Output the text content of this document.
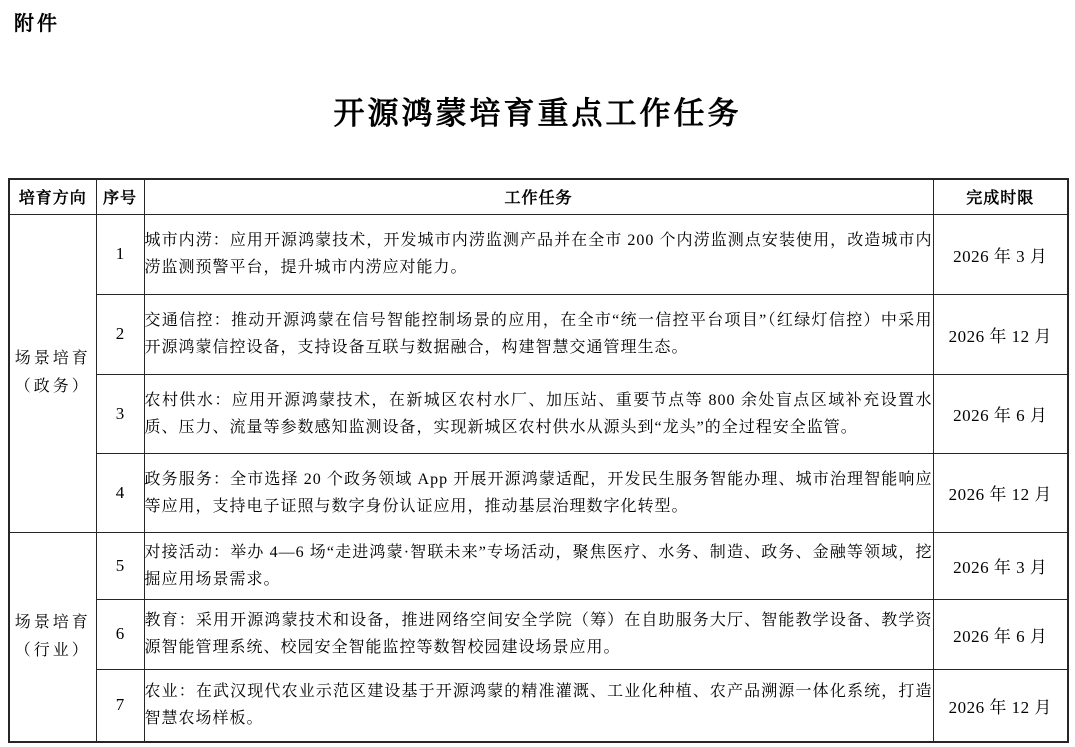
附件
开源鸿蒙培育重点工作任务
培育方向	序号	工作任务	完成时限
场景培育
（政务）	1	城市内涝：应用开源鸿蒙技术，开发城市内涝监测产品并在全市 200 个内涝监测点安装使用，改造城市内涝监测预警平台，提升城市内涝应对能力。	2026 年 3 月
	2	交通信控：推动开源鸿蒙在信号智能控制场景的应用，在全市“统一信控平台项目”（红绿灯信控）中采用开源鸿蒙信控设备，支持设备互联与数据融合，构建智慧交通管理生态。	2026 年 12 月
	3	农村供水：应用开源鸿蒙技术，在新城区农村水厂、加压站、重要节点等 800 余处盲点区域补充设置水质、压力、流量等参数感知监测设备，实现新城区农村供水从源头到“龙头”的全过程安全监管。	2026 年 6 月
	4	政务服务：全市选择 20 个政务领域 App 开展开源鸿蒙适配，开发民生服务智能办理、城市治理智能响应等应用，支持电子证照与数字身份认证应用，推动基层治理数字化转型。	2026 年 12 月
场景培育
（行业）	5	对接活动：举办 4—6 场“走进鸿蒙·智联未来”专场活动，聚焦医疗、水务、制造、政务、金融等领域，挖掘应用场景需求。	2026 年 3 月
	6	教育：采用开源鸿蒙技术和设备，推进网络空间安全学院（筹）在自助服务大厅、智能教学设备、教学资源智能管理系统、校园安全智能监控等数智校园建设场景应用。	2026 年 6 月
	7	农业：在武汉现代农业示范区建设基于开源鸿蒙的精准灌溉、工业化种植、农产品溯源一体化系统，打造智慧农场样板。	2026 年 12 月
